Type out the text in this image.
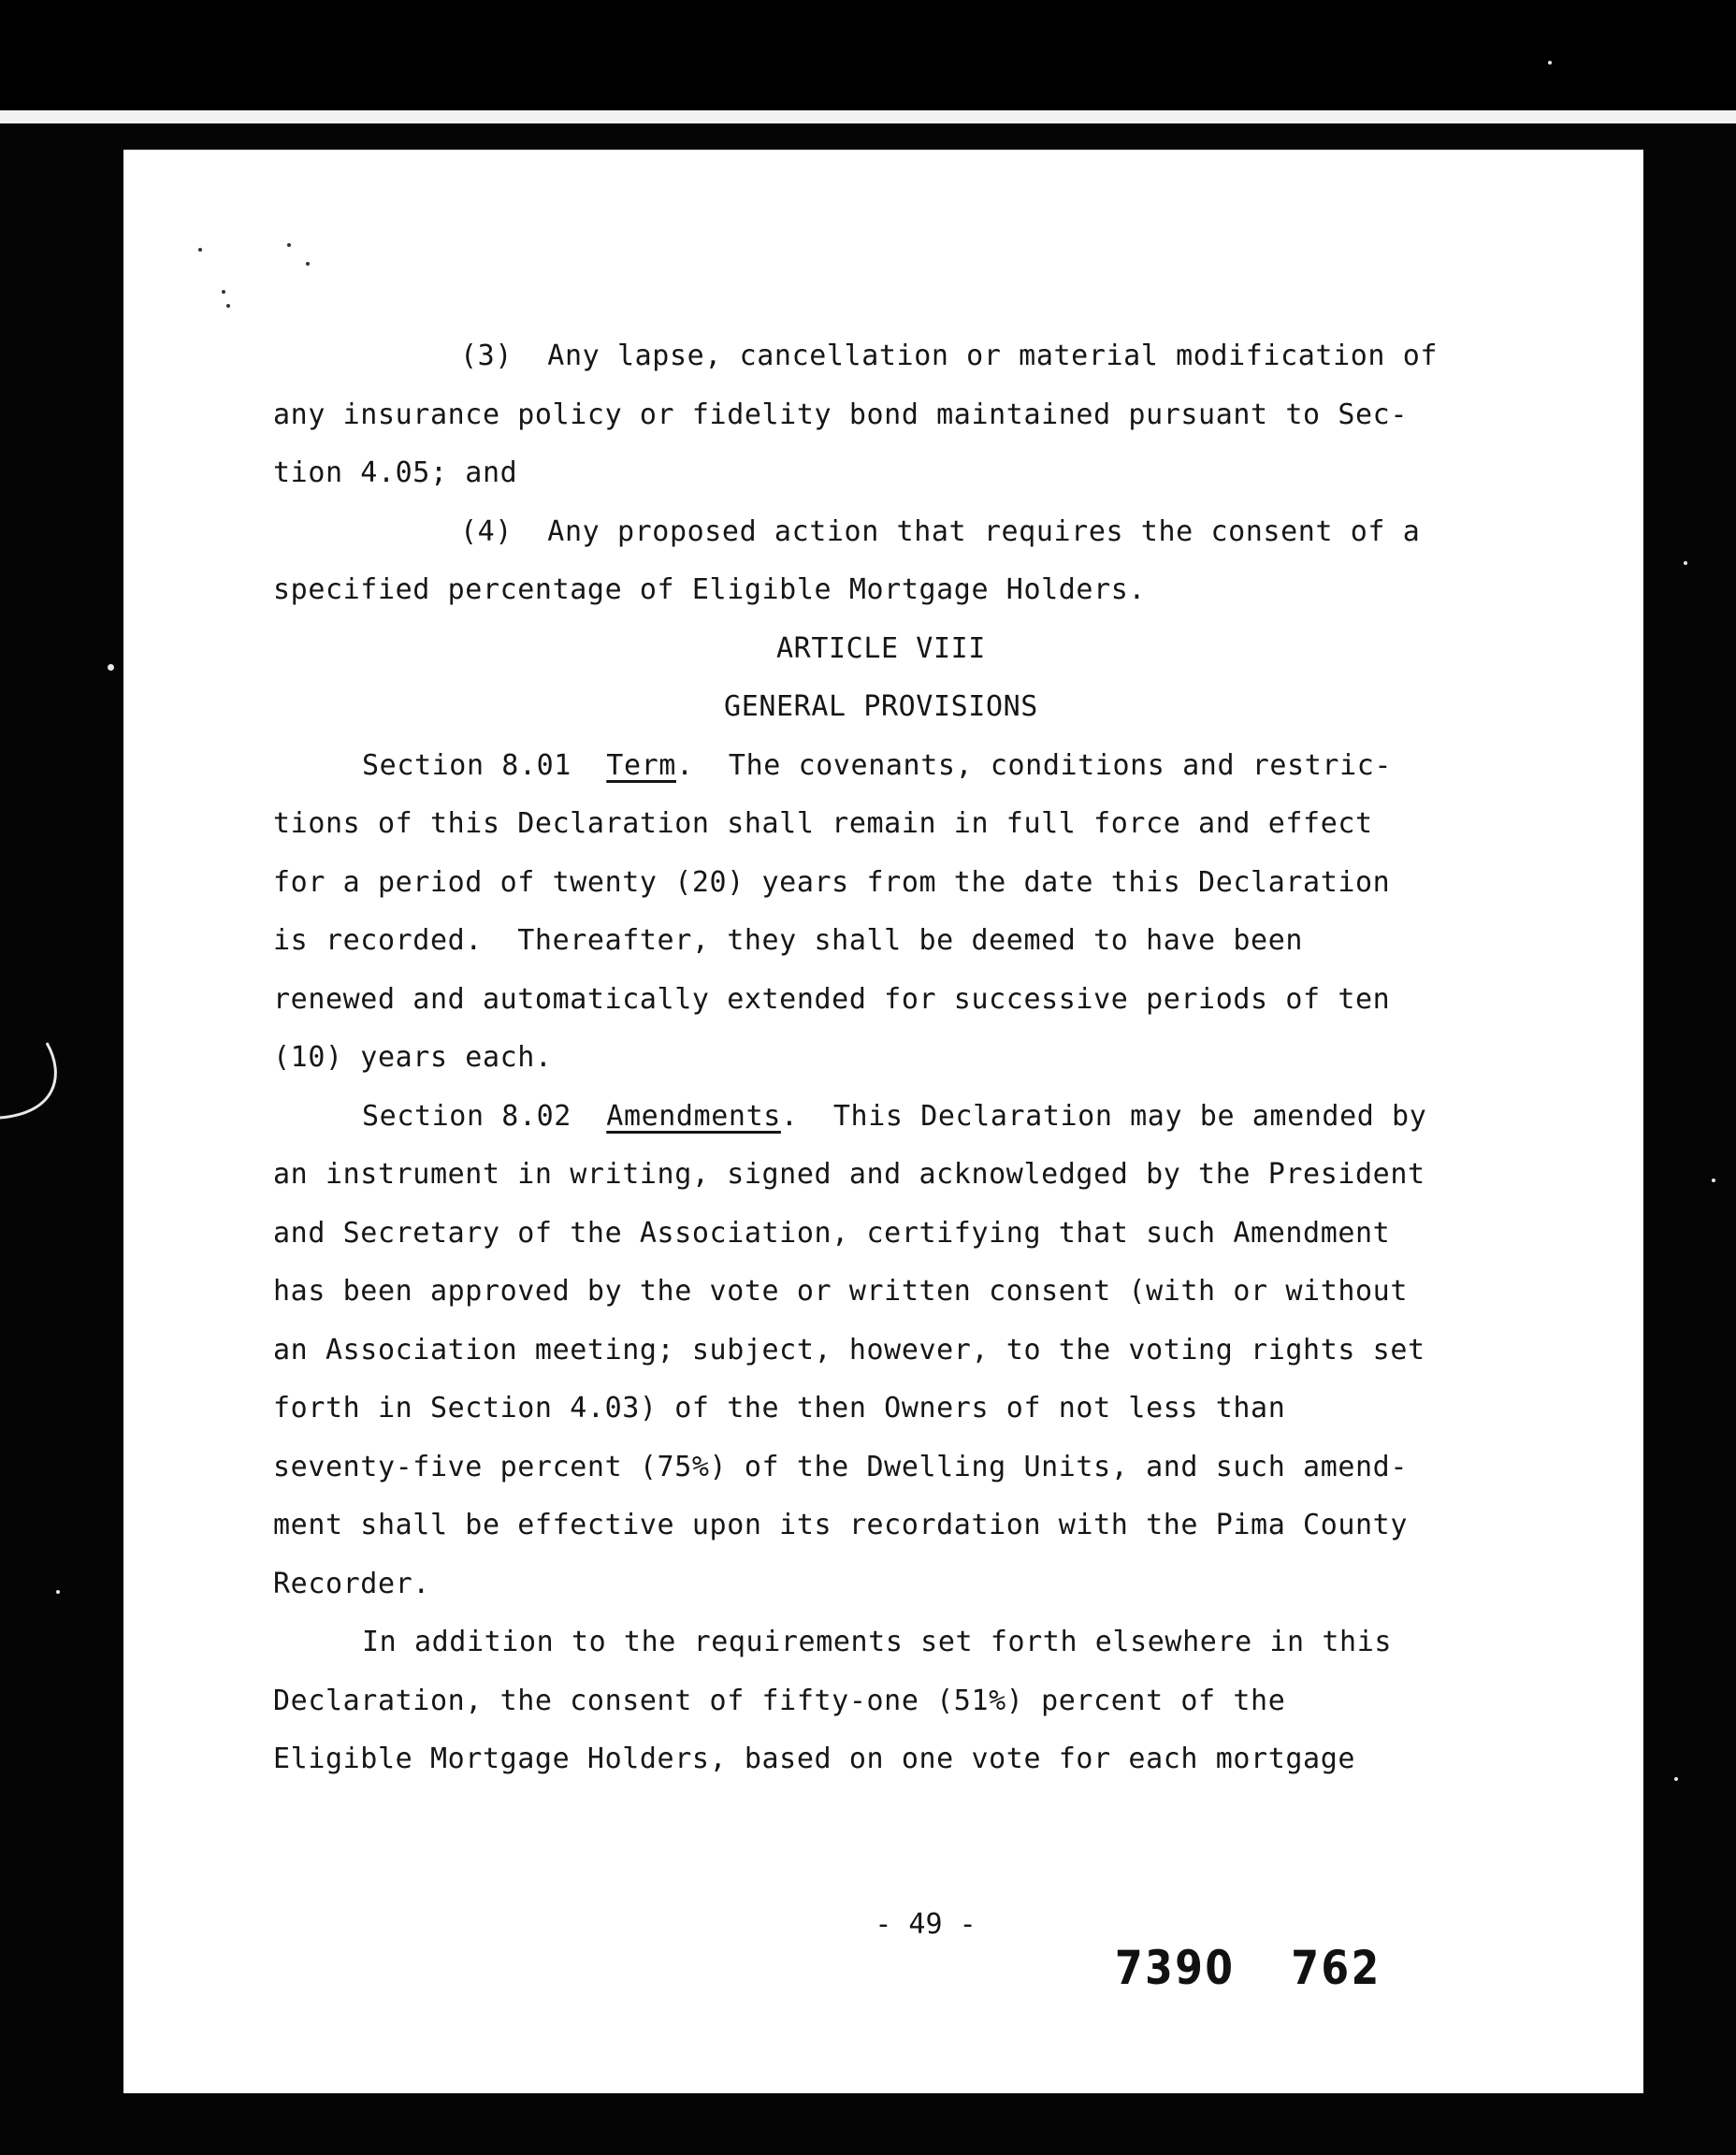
(3)  Any lapse, cancellation or material modification of
any insurance policy or fidelity bond maintained pursuant to Sec-
tion 4.05; and
(4)  Any proposed action that requires the consent of a
specified percentage of Eligible Mortgage Holders.
ARTICLE VIII
GENERAL PROVISIONS
Section 8.01 Term.  The covenants, conditions and restric-
tions of this Declaration shall remain in full force and effect
for a period of twenty (20) years from the date this Declaration
is recorded.  Thereafter, they shall be deemed to have been
renewed and automatically extended for successive periods of ten
(10) years each.
Section 8.02 Amendments.  This Declaration may be amended by
an instrument in writing, signed and acknowledged by the President
and Secretary of the Association, certifying that such Amendment
has been approved by the vote or written consent (with or without
an Association meeting; subject, however, to the voting rights set
forth in Section 4.03) of the then Owners of not less than
seventy-five percent (75%) of the Dwelling Units, and such amend-
ment shall be effective upon its recordation with the Pima County
Recorder.
In addition to the requirements set forth elsewhere in this
Declaration, the consent of fifty-one (51%) percent of the
Eligible Mortgage Holders, based on one vote for each mortgage
- 49 -
7390 762
